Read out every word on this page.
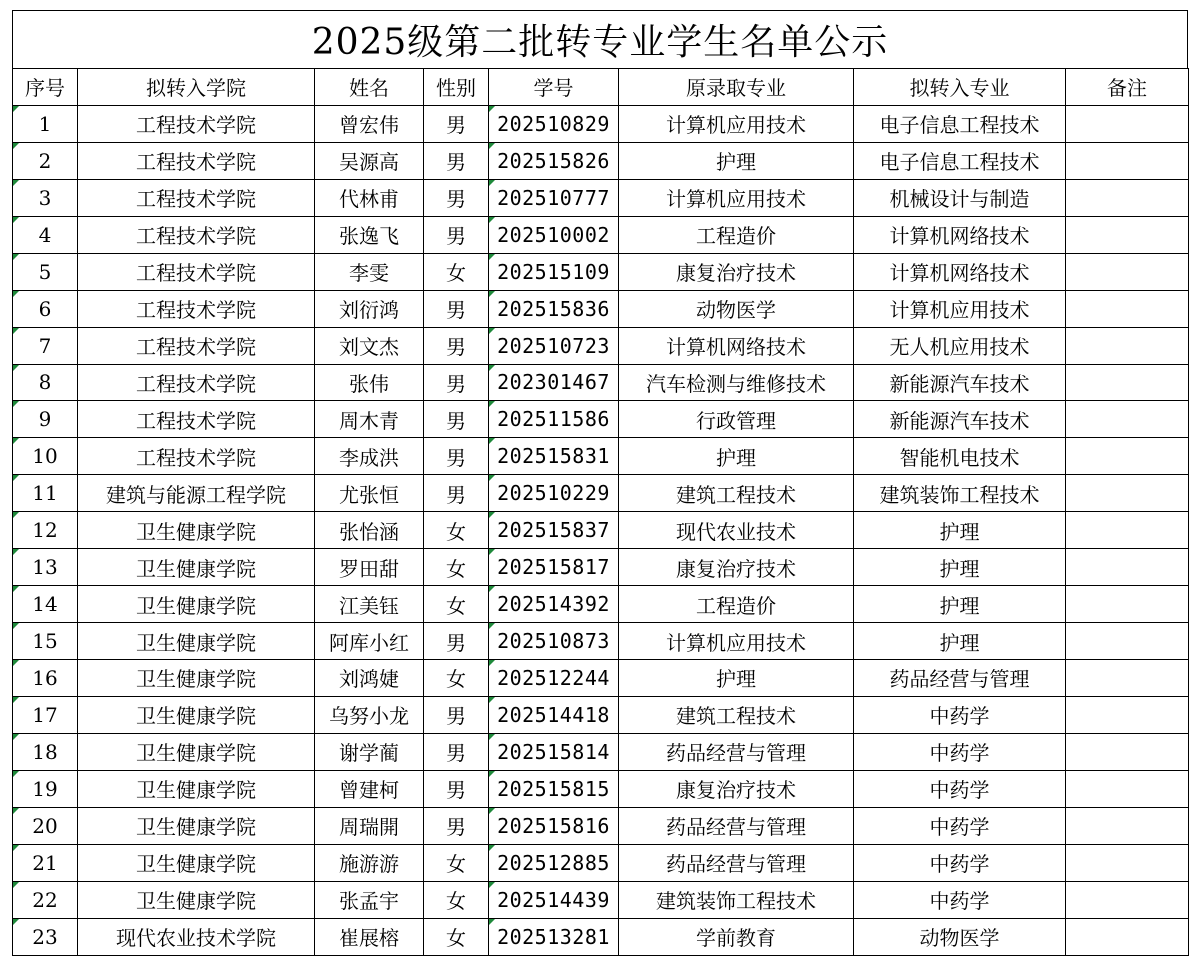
2025级第二批转专业学生名单公示
序号	拟转入学院	姓名	性别	学号	原录取专业	拟转入专业	备注
1	工程技术学院	曾宏伟	男	202510829	计算机应用技术	电子信息工程技术	
2	工程技术学院	吴源高	男	202515826	护理	电子信息工程技术	
3	工程技术学院	代林甫	男	202510777	计算机应用技术	机械设计与制造	
4	工程技术学院	张逸飞	男	202510002	工程造价	计算机网络技术	
5	工程技术学院	李雯	女	202515109	康复治疗技术	计算机网络技术	
6	工程技术学院	刘衍鸿	男	202515836	动物医学	计算机应用技术	
7	工程技术学院	刘文杰	男	202510723	计算机网络技术	无人机应用技术	
8	工程技术学院	张伟	男	202301467	汽车检测与维修技术	新能源汽车技术	
9	工程技术学院	周木青	男	202511586	行政管理	新能源汽车技术	
10	工程技术学院	李成洪	男	202515831	护理	智能机电技术	
11	建筑与能源工程学院	尤张恒	男	202510229	建筑工程技术	建筑装饰工程技术	
12	卫生健康学院	张怡涵	女	202515837	现代农业技术	护理	
13	卫生健康学院	罗田甜	女	202515817	康复治疗技术	护理	
14	卫生健康学院	江美钰	女	202514392	工程造价	护理	
15	卫生健康学院	阿库小红	男	202510873	计算机应用技术	护理	
16	卫生健康学院	刘鸿婕	女	202512244	护理	药品经营与管理	
17	卫生健康学院	乌努小龙	男	202514418	建筑工程技术	中药学	
18	卫生健康学院	谢学蔺	男	202515814	药品经营与管理	中药学	
19	卫生健康学院	曾建柯	男	202515815	康复治疗技术	中药学	
20	卫生健康学院	周瑞開	男	202515816	药品经营与管理	中药学	
21	卫生健康学院	施游游	女	202512885	药品经营与管理	中药学	
22	卫生健康学院	张孟宇	女	202514439	建筑装饰工程技术	中药学	
23	现代农业技术学院	崔展榕	女	202513281	学前教育	动物医学	
